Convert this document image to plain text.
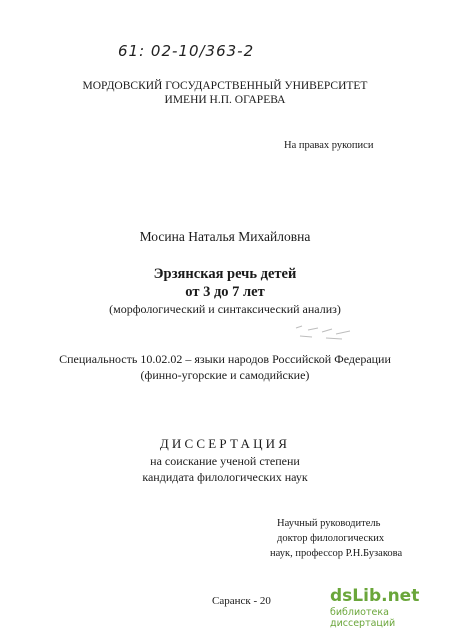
61: 02-10/363-2
МОРДОВСКИЙ ГОСУДАРСТВЕННЫЙ УНИВЕРСИТЕТ
ИМЕНИ Н.П. ОГАРЕВА
На правах рукописи
Мосина Наталья Михайловна
Эрзянская речь детей
от 3 до 7 лет
(морфологический и синтаксический анализ)
Специальность 10.02.02 – языки народов Российской Федерации
(финно-угорские и самодийские)
ДИССЕРТАЦИЯ
на соискание ученой степени
кандидата филологических наук
Научный руководитель
доктор филологических
наук, профессор Р.Н.Бузакова
Саранск - 20	dsLib.net
библиотека диссертаций
